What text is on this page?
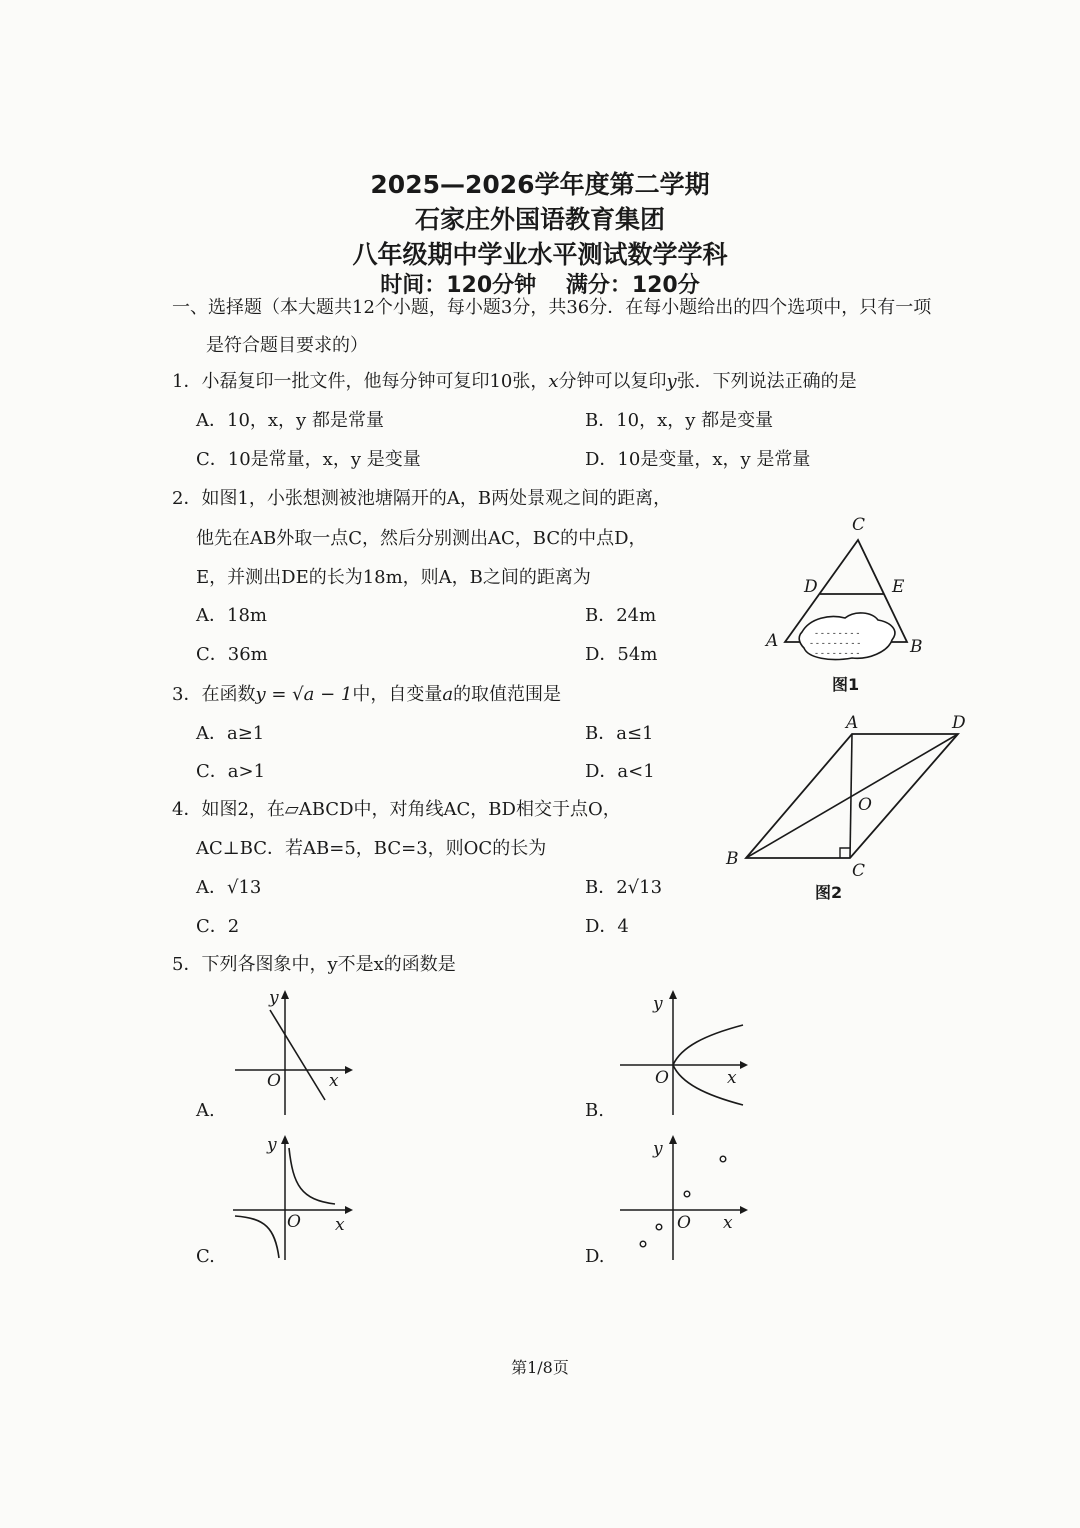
2025—2026学年度第二学期
石家庄外国语教育集团
八年级期中学业水平测试数学学科
时间：120分钟　 满分：120分
一、选择题（本大题共12个小题，每小题3分，共36分．在每小题给出的四个选项中，只有一项
是符合题目要求的）
1．小磊复印一批文件，他每分钟可复印10张，x分钟可以复印y张．下列说法正确的是
A．10，x，y 都是常量	B．10，x，y 都是变量
C．10是常量，x，y 是变量	D．10是变量，x，y 是常量
2．如图1，小张想测被池塘隔开的A，B两处景观之间的距离，
他先在AB外取一点C，然后分别测出AC，BC的中点D，
E，并测出DE的长为18m，则A，B之间的距离为
A．18m	B．24m
C．36m	D．54m
- - - - - - - -
- - - - - - - - -
- - - - - - - -
C
D	E
A	B
图1
3．在函数y = √a − 1中，自变量a的取值范围是
A．a≥1	B．a≤1
C．a>1	D．a<1
A	D
O
B
C
图2
4．如图2，在▱ABCD中，对角线AC，BD相交于点O，
AC⊥BC．若AB=5，BC=3，则OC的长为
A．√13	B．2√13
C．2	D．4
5．下列各图象中，y不是x的函数是
y
x
O
A.
y
x
O
B.
y
x
O
C.
y
x
O
D.
第1/8页
